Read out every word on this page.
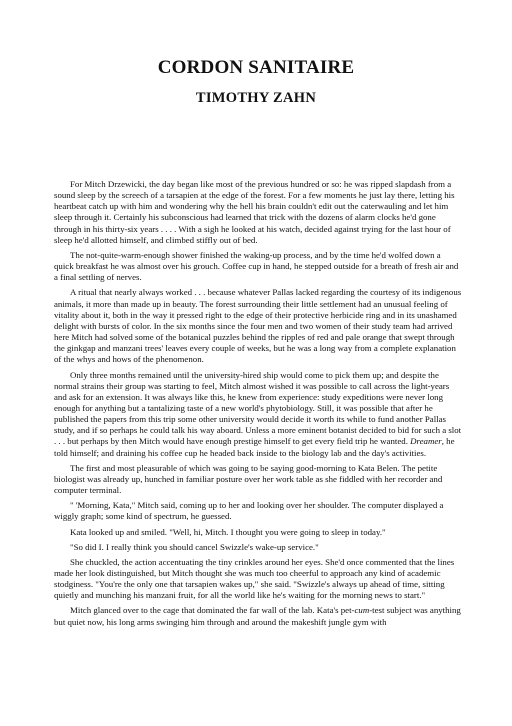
CORDON SANITAIRE
TIMOTHY ZAHN

For Mitch Drzewicki, the day began like most of the previous hundred or so: he was ripped slapdash from a sound sleep by the screech of a tarsapien at the edge of the forest. For a few moments he just lay there, letting his heartbeat catch up with him and wondering why the hell his brain couldn't edit out the caterwauling and let him sleep through it. Certainly his subconscious had learned that trick with the dozens of alarm clocks he'd gone through in his thirty-six years . . . . With a sigh he looked at his watch, decided against trying for the last hour of sleep he'd allotted himself, and climbed stiffly out of bed.

The not-quite-warm-enough shower finished the waking-up process, and by the time he'd wolfed down a quick breakfast he was almost over his grouch. Coffee cup in hand, he stepped outside for a breath of fresh air and a final settling of nerves.

A ritual that nearly always worked . . . because whatever Pallas lacked regarding the courtesy of its indigenous animals, it more than made up in beauty. The forest surrounding their little settlement had an unusual feeling of vitality about it, both in the way it pressed right to the edge of their protective herbicide ring and in its unashamed delight with bursts of color. In the six months since the four men and two women of their study team had arrived here Mitch had solved some of the botanical puzzles behind the ripples of red and pale orange that swept through the ginkgap and manzani trees' leaves every couple of weeks, but he was a long way from a complete explanation of the whys and hows of the phenomenon.

Only three months remained until the university-hired ship would come to pick them up; and despite the normal strains their group was starting to feel, Mitch almost wished it was possible to call across the light-years and ask for an extension. It was always like this, he knew from experience: study expeditions were never long enough for anything but a tantalizing taste of a new world's phytobiology. Still, it was possible that after he published the papers from this trip some other university would decide it worth its while to fund another Pallas study, and if so perhaps he could talk his way aboard. Unless a more eminent botanist decided to bid for such a slot . . . but perhaps by then Mitch would have enough prestige himself to get every field trip he wanted. Dreamer, he told himself; and draining his coffee cup he headed back inside to the biology lab and the day's activities.

The first and most pleasurable of which was going to be saying good-morning to Kata Belen. The petite biologist was already up, hunched in familiar posture over her work table as she fiddled with her recorder and computer terminal.

" 'Morning, Kata," Mitch said, coming up to her and looking over her shoulder. The computer displayed a wiggly graph; some kind of spectrum, he guessed.

Kata looked up and smiled. "Well, hi, Mitch. I thought you were going to sleep in today."

"So did I. I really think you should cancel Swizzle's wake-up service."

She chuckled, the action accentuating the tiny crinkles around her eyes. She'd once commented that the lines made her look distinguished, but Mitch thought she was much too cheerful to approach any kind of academic stodginess. "You're the only one that tarsapien wakes up," she said. "Swizzle's always up ahead of time, sitting quietly and munching his manzani fruit, for all the world like he's waiting for the morning news to start."

Mitch glanced over to the cage that dominated the far wall of the lab. Kata's pet-cum-test subject was anything but quiet now, his long arms swinging him through and around the makeshift jungle gym with
